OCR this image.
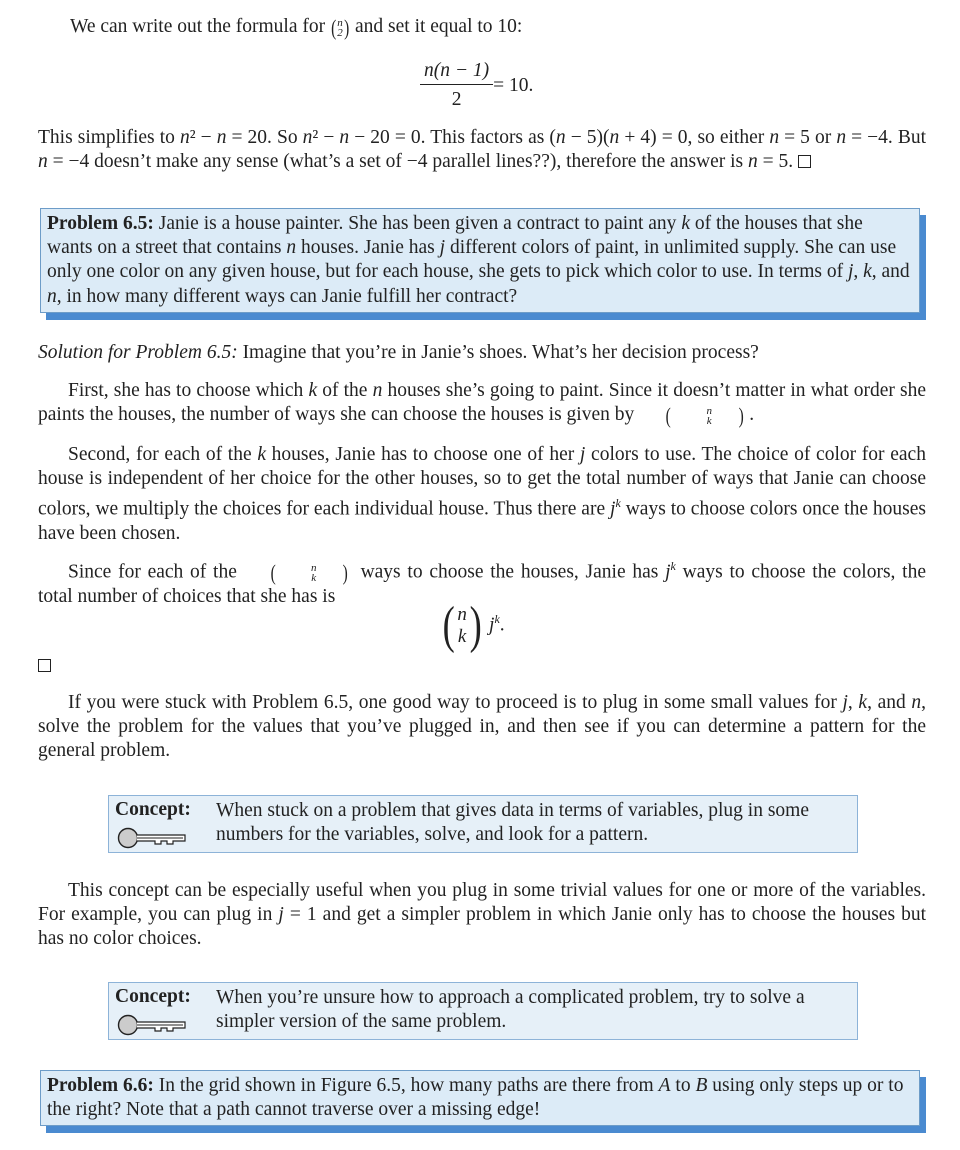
We can write out the formula for ( n
2 ) and set it equal to 10:
$\frac{n(n - 1)}{2} = 10$.
This simplifies to n² − n = 20. So n² − n − 20 = 0. This factors as (n − 5)(n + 4) = 0, so either n = 5 or n = −4. But n = −4 doesn’t make any sense (what’s a set of −4 parallel lines??), therefore the answer is n = 5.
Problem 6.5: Janie is a house painter. She has been given a contract to paint any k of the houses that she wants on a street that contains n houses. Janie has j different colors of paint, in unlimited supply. She can use only one color on any given house, but for each house, she gets to pick which color to use. In terms of j, k, and n, in how many different ways can Janie fulfill her contract?
Solution for Problem 6.5: Imagine that you’re in Janie’s shoes. What’s her decision process?
First, she has to choose which k of the n houses she’s going to paint. Since it doesn’t matter in what order she paints the houses, the number of ways she can choose the houses is given by	(	n
k	) .
Second, for each of the k houses, Janie has to choose one of her j colors to use. The choice of color for each house is independent of her choice for the other houses, so to get the total number of ways that Janie can choose colors, we multiply the choices for each individual house. Thus there are $j^k$ ways to choose colors once the houses have been chosen.
Since for each of the	(	n
k	) ways to choose the houses, Janie has $j^k$ ways to choose the colors, the total number of choices that she has is
( n
k ) $j^k$.
If you were stuck with Problem 6.5, one good way to proceed is to plug in some small values for j, k, and n, solve the problem for the values that you’ve plugged in, and then see if you can determine a pattern for the general problem.
Concept: When stuck on a problem that gives data in terms of variables, plug in some numbers for the variables, solve, and look for a pattern.
This concept can be especially useful when you plug in some trivial values for one or more of the variables. For example, you can plug in j = 1 and get a simpler problem in which Janie only has to choose the houses but has no color choices.
Concept: When you’re unsure how to approach a complicated problem, try to solve a simpler version of the same problem.
Problem 6.6: In the grid shown in Figure 6.5, how many paths are there from A to B using only steps up or to the right? Note that a path cannot traverse over a missing edge!
